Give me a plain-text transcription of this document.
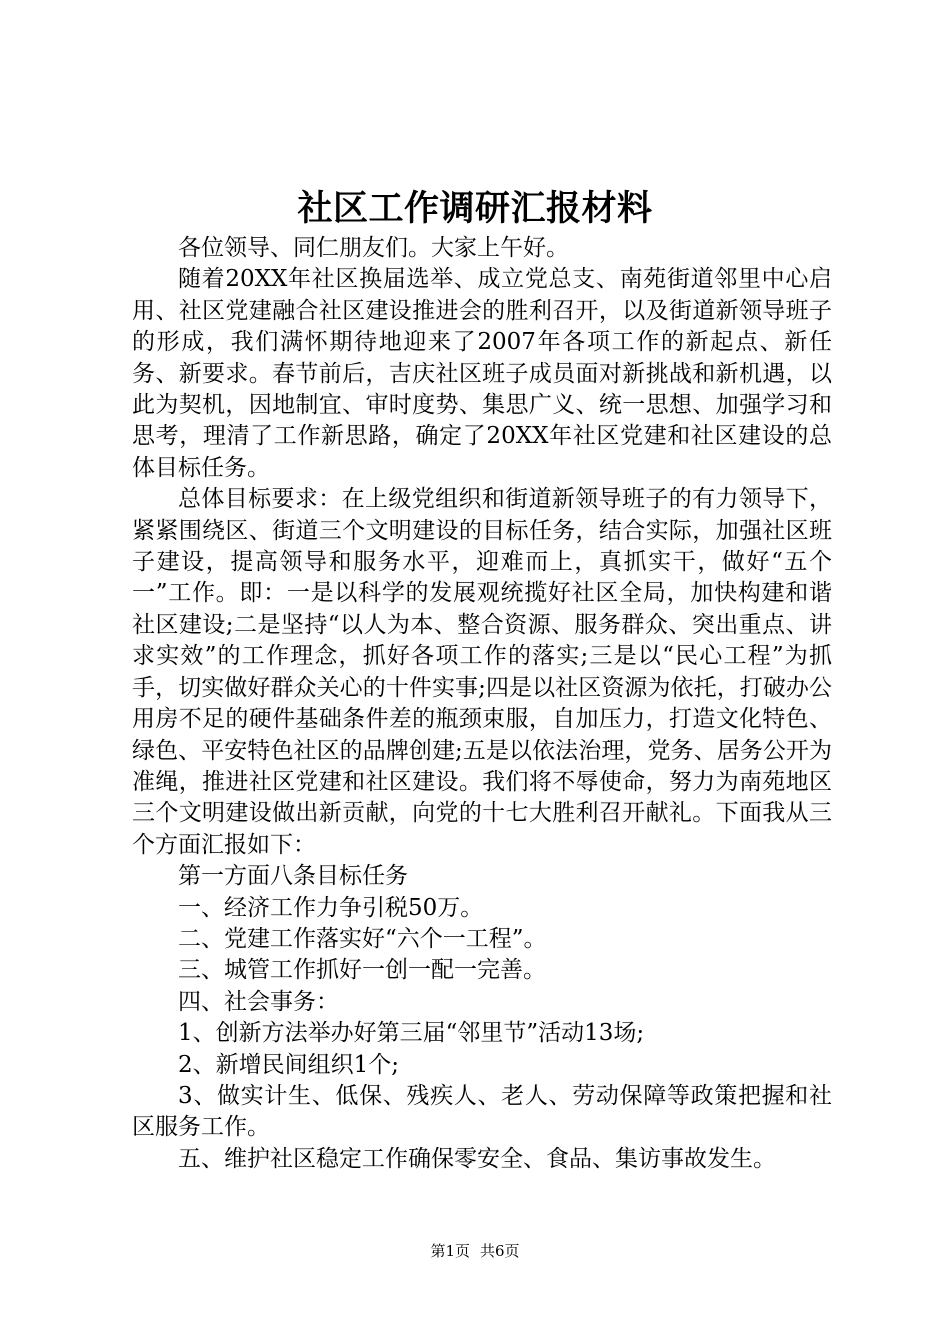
社区工作调研汇报材料

各位领导、同仁朋友们。大家上午好。

随着20XX年社区换届选举、成立党总支、南苑街道邻里中心启用、社区党建融合社区建设推进会的胜利召开，以及街道新领导班子的形成，我们满怀期待地迎来了2007年各项工作的新起点、新任务、新要求。春节前后，吉庆社区班子成员面对新挑战和新机遇，以此为契机，因地制宜、审时度势、集思广义、统一思想、加强学习和思考，理清了工作新思路，确定了20XX年社区党建和社区建设的总体目标任务。

总体目标要求：在上级党组织和街道新领导班子的有力领导下，紧紧围绕区、街道三个文明建设的目标任务，结合实际，加强社区班子建设，提高领导和服务水平，迎难而上，真抓实干，做好“五个一”工作。即：一是以科学的发展观统揽好社区全局，加快构建和谐社区建设;二是坚持“以人为本、整合资源、服务群众、突出重点、讲求实效”的工作理念，抓好各项工作的落实;三是以“民心工程”为抓手，切实做好群众关心的十件实事;四是以社区资源为依托，打破办公用房不足的硬件基础条件差的瓶颈束服，自加压力，打造文化特色、绿色、平安特色社区的品牌创建;五是以依法治理，党务、居务公开为准绳，推进社区党建和社区建设。我们将不辱使命，努力为南苑地区三个文明建设做出新贡献，向党的十七大胜利召开献礼。下面我从三个方面汇报如下：

第一方面八条目标任务

一、经济工作力争引税50万。

二、党建工作落实好“六个一工程”。

三、城管工作抓好一创一配一完善。

四、社会事务：

1、创新方法举办好第三届“邻里节”活动13场;

2、新增民间组织1个;

3、做实计生、低保、残疾人、老人、劳动保障等政策把握和社区服务工作。

五、维护社区稳定工作确保零安全、食品、集访事故发生。

第1页 共6页
